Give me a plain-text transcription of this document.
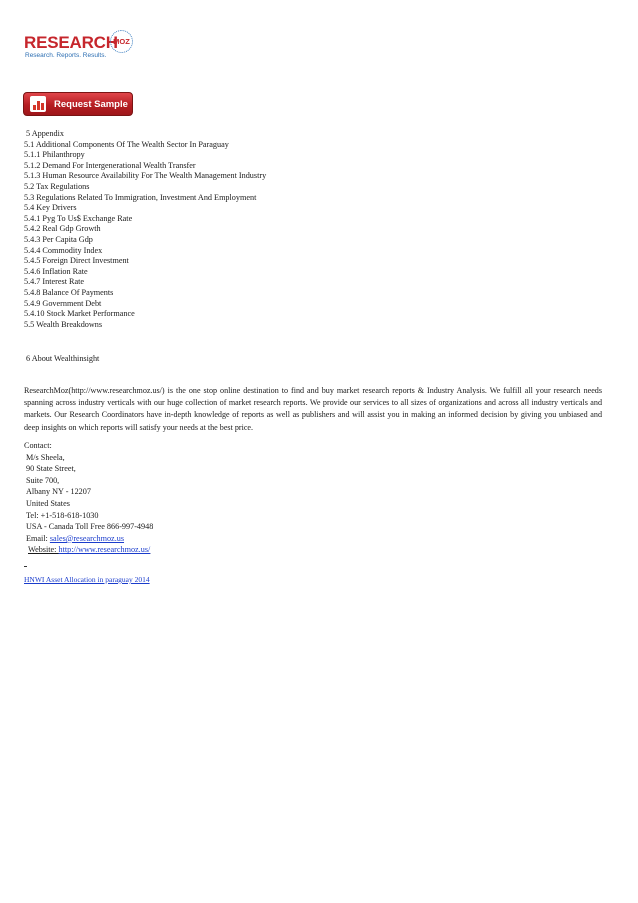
RESEARCH
MOZ
Research. Reports. Results.
Request Sample
5 Appendix
5.1 Additional Components Of The Wealth Sector In Paraguay
5.1.1 Philanthropy
5.1.2 Demand For Intergenerational Wealth Transfer
5.1.3 Human Resource Availability For The Wealth Management Industry
5.2 Tax Regulations
5.3 Regulations Related To Immigration, Investment And Employment
5.4 Key Drivers
5.4.1 Pyg To Us$ Exchange Rate
5.4.2 Real Gdp Growth
5.4.3 Per Capita Gdp
5.4.4 Commodity Index
5.4.5 Foreign Direct Investment
5.4.6 Inflation Rate
5.4.7 Interest Rate
5.4.8 Balance Of Payments
5.4.9 Government Debt
5.4.10 Stock Market Performance
5.5 Wealth Breakdowns
6 About Wealthinsight
ResearchMoz(http://www.researchmoz.us/) is the one stop online destination to find and buy market research reports & Industry Analysis. We fulfill all your research needs spanning across industry verticals with our huge collection of market research reports. We provide our services to all sizes of organizations and across all industry verticals and markets. Our Research Coordinators have in-depth knowledge of reports as well as publishers and will assist you in making an informed decision by giving you unbiased and deep insights on which reports will satisfy your needs at the best price.
Contact:
M/s Sheela,
90 State Street,
Suite 700,
Albany NY - 12207
United States
Tel: +1-518-618-1030
USA - Canada Toll Free 866-997-4948
Email: sales@researchmoz.us
Website: http://www.researchmoz.us/
HNWI Asset Allocation in paraguay 2014
